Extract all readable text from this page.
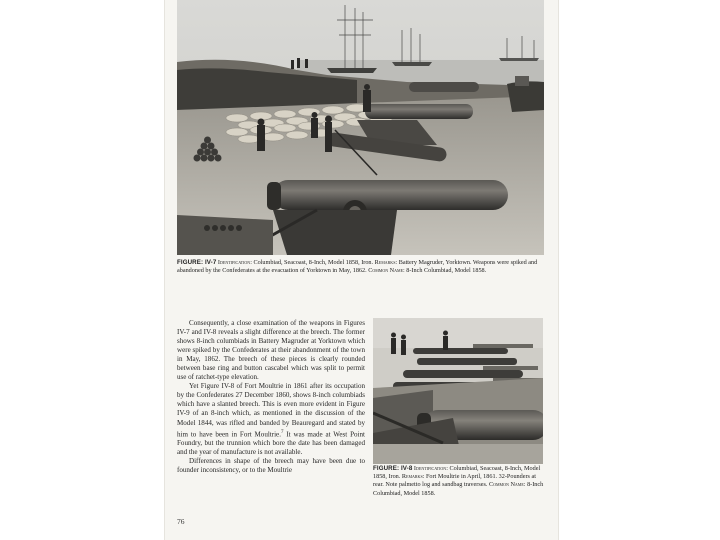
FIGURE: IV-7 Identification: Columbiad, Seacoast, 8-Inch, Model 1858, Iron. Remarks: Battery Magruder, Yorktown. Weapons were spiked and abandoned by the Confederates at the evacuation of Yorktown in May, 1862. Common Name: 8-Inch Columbiad, Model 1858.

Consequently, a close examination of the weapons in Figures IV-7 and IV-8 reveals a slight difference at the breech. The former shows 8-inch columbiads in Battery Magruder at Yorktown which were spiked by the Confederates at their abandonment of the town in May, 1862. The breech of these pieces is clearly rounded between base ring and button cascabel which was split to permit use of ratchet-type elevation.

Yet Figure IV-8 of Fort Moultrie in 1861 after its occupation by the Confederates 27 December 1860, shows 8-inch columbiads which have a slanted breech. This is even more evident in Figure IV-9 of an 8-inch which, as mentioned in the discussion of the Model 1844, was rifled and banded by Beauregard and stated by him to have been in Fort Moultrie.$^7$ It was made at West Point Foundry, but the trunnion which bore the date has been damaged and the year of manufacture is not available.

Differences in shape of the breech may have been due to founder inconsistency, or to the Moultrie	FIGURE: IV-8 Identification: Columbiad, Seacoast, 8-Inch, Model 1858, Iron. Remarks: Fort Moultrie in April, 1861. 32-Pounders at rear. Note palmetto log and sandbag traverses. Common Name: 8-Inch Columbiad, Model 1858.
76
